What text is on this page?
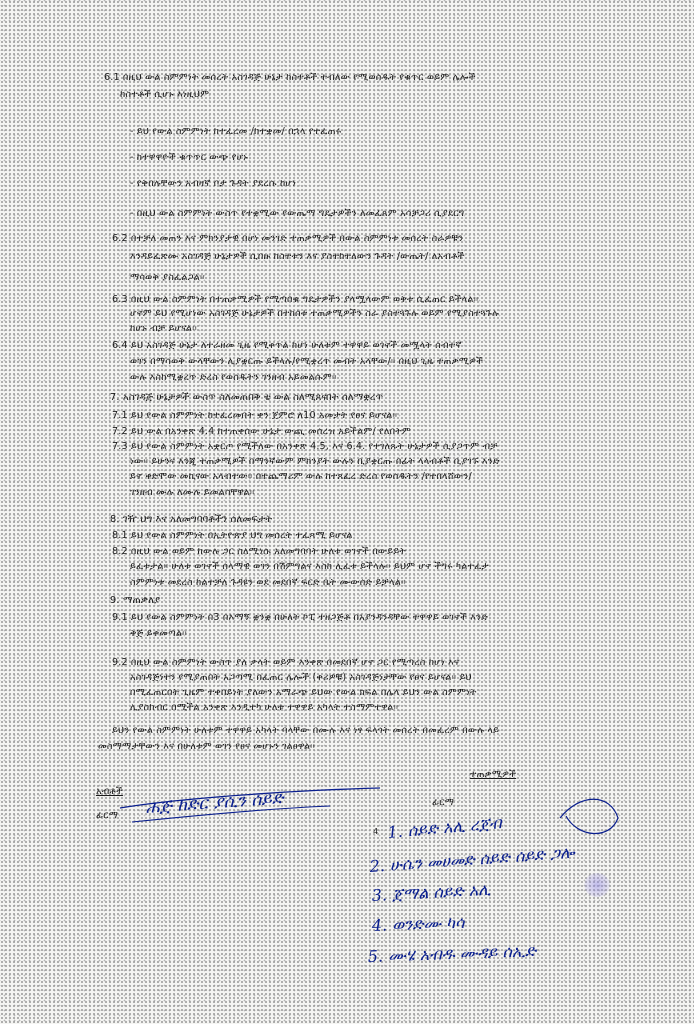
6.1 በዚህ ውል ስምምነት መሰረት አስገዳጅ ሁኔታ ከስተቶች ተብለው የሚወሰዱት የቁጥር ወይም ሌሎች
ከስተቶች ሲሆኑ እነዚህም
- ይህ የውል ስምምነት ከተፈረመ /ከተቋመ/ በኋላ የተፈጠሩ
- ከተዋዋዮች ቁጥጥር ውጭ የሆኑ
- የቅበሉቸውን አብዛኛ ቦታ ጉዳት ያደረሱ ከሆነ
- በዚህ ውል ስምምነት ውስጥ የተቋሚው የውጤማ ግዴታዎችን ለመፈጸም አሳቻጋሪ ሲያደርግ
6.2 በተቻለ መጠን እና ምክንያታዊ በሆነ መንገድ ተጠቃሚዎች በውል ስምምነቱ መሰረት ስራዎቹን
እንዳይፈጽሙ አስገዳጅ ሁኔታዎች ሲበዙ ከስተቱን እና ያስተከተለውን ጉዳት /ውጤት/ ለአብቶች
ማሳወቅ ያስፈልጋል፡፡
6.3 በዚህ ውል ስምምነት በተጠቃሚዎች የሚጣበቁ ግዴታዎችን ያላሟላውም ወቅቱ ሲፈጠር ይችላል፡፡
ሆኖም ይህ የሚሆነው አስገዳጅ ሁኔታዎች በተከሰቱ ተጠቃሚዎችን ስራ ያስተጓጉሉ ወይም የሚያስተጓጉሉ
ከሆኑ ብቻ ይሆናል፡፡
6.4 ይህ አስገዳጅ ሁኔታ ለተራዘመ ጊዜ የሚቀጥል ከሆነ ሁለቱም ተዋዋይ ወገኖች መሟላት ሰብተኛ
ወገን በማሳወቅ ውላቸውን ሊያቋርጡ ይችላሉ/የሚቋረጥ መብት አላቸው/። በዚህ ጊዜ ተጠቃሚዎች
ውሉ እስከሚቋረጥ ድረስ የወሰዱትን ገንዘብ አይመልሱም፡፡
7. አስገዳጅ ሁኔታዎች ውስጥ ስለመጠበቅ ቴ ውል ስለሚጸናበት ሰለማቋረጥ
7.1 ይህ የውል ስምምነት ከተፈረመበት ቀን ጀምሮ ለ10 አመታት የፀና ይሆናል፡፡
7.2 ይህ ውል በአንቀጽ 4.4 ከተጠቀሰው ሁኔታ ውጪ መሰረዝ አይችልም/ የለበትም
7.3 ይህ የውል ስምምነት አቋርጦ የሚችለው በአንቀጽ 4.5, እና 6.4. የተገለጹት ሁኔታዎች ሲያጋጥም ብቻ
ነው፡፡ ይሁንና እንጂ ተጠቃሚዎች በማንኛውም ምክንያት ውሉን ቢያቋርጡ በፊት ላላብቶች ቢያገኙ እንድ
ይኖ ቀድሞው መኪናው አላብተው፡፡ በተጨማሪም ውሉ ከተጸፈረ ድረስ የወሰዱትን /የተበላሸውን/
ገንዘብ ሙሉ ለሙሉ ይመልሳቸዋል፡፡
8. ገዥ ህግ እና አለመግባባቶችን ሰለመፍታት
8.1 ይህ የውል ስምምነት በኢትዮጵያ ህግ መሰረት ተፈጻሚ ይሆናል
8.2 በዚህ ውል ወይም ከውሉ ጋር ስለሚነሱ አለመግባባት ሁለቱ ወገኖች በውይይት
ይፈቱታል። ሁለቱ ወገኖች ሰላማዊ ወገን በሽምግልና እስከ ሊፈቱ ይችላሉ፡፡ ይህም ሆኖ ችግሩ ካልተፈታ
ስምምነቱ መደረስ ከልተቻለ ጉዳዩን ወደ መደበኛ ፍርድ ቤት ሙውሰድ ይቻላል፡፡
9. ማጠቃለያ
9.1 ይህ የውል ስምምነት በ3 በእማኝ ቋንቋ በሁለት ኮፒ ተዘጋጅቶ በአያንዳንዳቸው ተዋዋይ ወገኖች እንድ
ቅጅ ይቀመጣል፡፡
9.2 በዚህ ውል ስምምነት ውስጥ ያለ ቃላት ወይም እንቀጽ በመደበኛ ሆኖ ጋር የሚጣረስ ከሆነ እና
አስገዳጅነተን የሚያጠበት አጋጣሚ በፈጠር ሌሎች (ቀሪዎቹ) አስገዳጅነታቸው የፀና ይሆናል፡፡ ይህ
በሚፈጠርበት ጊዜም ተቀበይነት ያለውን አማራጭ ይህው የውል ክፍል በሌላ ይህን ውል ስምምነት
ሊያስከብር በሚችል አንቀጽ እንዲተካ ሁለቱ ተዋዋይ አካላት ተስማምተዋል፡፡
ይህን የውል ስምምነት ሁለቱም ተዋዋይ አካላት ባላቸው በሙሉ እና ነፃ ፍላጎት መሰረት በመፈረም በውሉ ላይ
መስማማታቸውን እና በሁለቱም ወገን የፀና መሆኑን ገልፀዋል፡፡
ተጠቃሚዎች
አብቶች
ፊርማ
ፊርማ
4
ሐጅ ከድር ያሲን ሰይድ
1. ሰይድ አሊ ረጀብ
2. ሁሴን መሀመድ ሰይድ ሰይድ ጋሎ
3. ጀማል ሰይድ አሊ
4. ወንድሙ ካሳ
5. ሙሄ አብዱ ሙዳይ ሰኢድ
